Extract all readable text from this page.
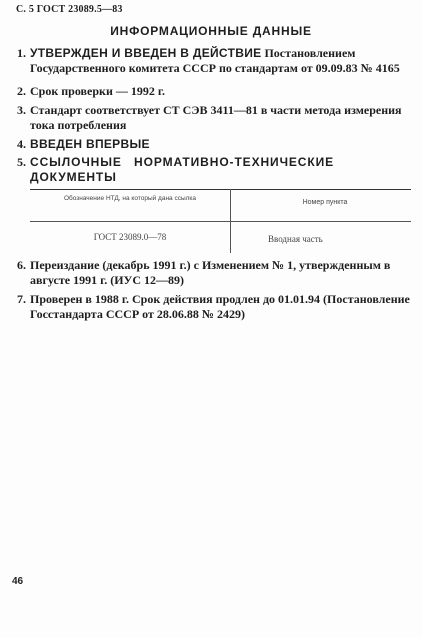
С. 5 ГОСТ 23089.5—83
ИНФОРМАЦИОННЫЕ ДАННЫЕ
1. УТВЕРЖДЕН И ВВЕДЕН В ДЕЙСТВИЕ Постановлением Государственного комитета СССР по стандартам от 09.09.83 № 4165
2. Срок проверки — 1992 г.
3. Стандарт соответствует СТ СЭВ 3411—81 в части метода измерения тока потребления
4. ВВЕДЕН ВПЕРВЫЕ
5. ССЫЛОЧНЫЕ НОРМАТИВНО-ТЕХНИЧЕСКИЕ ДОКУМЕНТЫ
Обозначение НТД, на который дана ссылка
Номер пункта
ГОСТ 23089.0—78	Вводная часть
6. Переиздание (декабрь 1991 г.) с Изменением № 1, утвержденным в августе 1991 г. (ИУС 12—89)
7. Проверен в 1988 г. Срок действия продлен до 01.01.94 (Постановление Госстандарта СССР от 28.06.88 № 2429)
46
